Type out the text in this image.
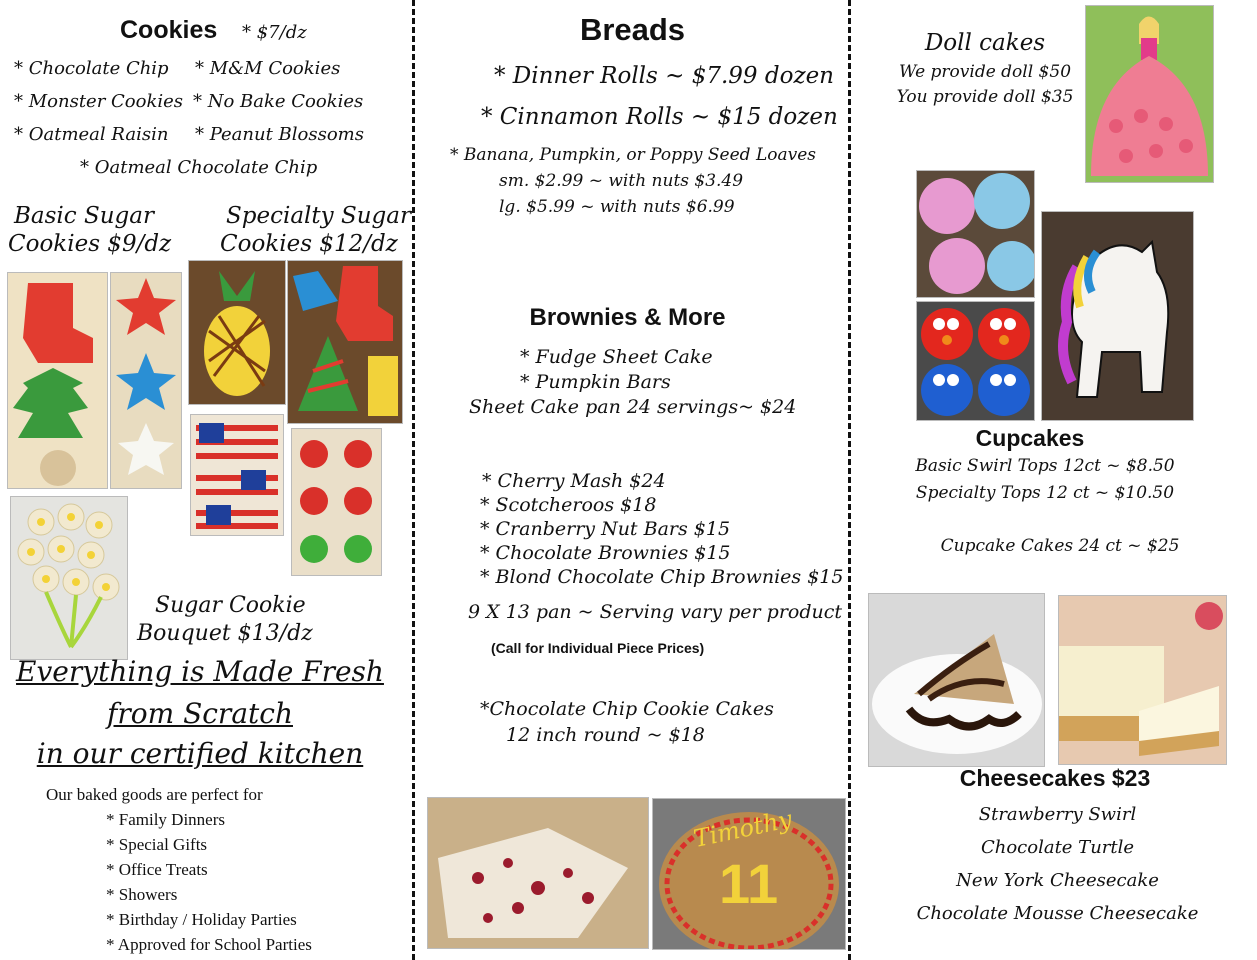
Cookies * $7/dz
* Chocolate Chip * M&M Cookies
* Monster Cookies * No Bake Cookies
* Oatmeal Raisin * Peanut Blossoms
* Oatmeal Chocolate Chip
Basic Sugar
Cookies $9/dz
Specialty Sugar
Cookies $12/dz
Sugar Cookie
Bouquet $13/dz
Everything is Made Fresh
from Scratch
in our certified kitchen
Our baked goods are perfect for
* Family Dinners
* Special Gifts
* Office Treats
* Showers
* Birthday / Holiday Parties
* Approved for School Parties
Breads
* Dinner Rolls ~ $7.99 dozen
* Cinnamon Rolls ~ $15 dozen
* Banana, Pumpkin, or Poppy Seed Loaves
sm. $2.99 ~ with nuts $3.49
lg. $5.99 ~ with nuts $6.99
Brownies & More
* Fudge Sheet Cake
* Pumpkin Bars
Sheet Cake pan 24 servings~ $24
* Cherry Mash $24
* Scotcheroos $18
* Cranberry Nut Bars $15
* Chocolate Brownies $15
* Blond Chocolate Chip Brownies $15
9 X 13 pan ~ Serving vary per product
(Call for Individual Piece Prices)
*Chocolate Chip Cookie Cakes
12 inch round ~ $18
Timothy
11
Doll cakes
We provide doll $50
You provide doll $35
Cupcakes
Basic Swirl Tops 12ct ~ $8.50
Specialty Tops 12 ct ~ $10.50
Cupcake Cakes 24 ct ~ $25
Cheesecakes $23
Strawberry Swirl
Chocolate Turtle
New York Cheesecake
Chocolate Mousse Cheesecake
